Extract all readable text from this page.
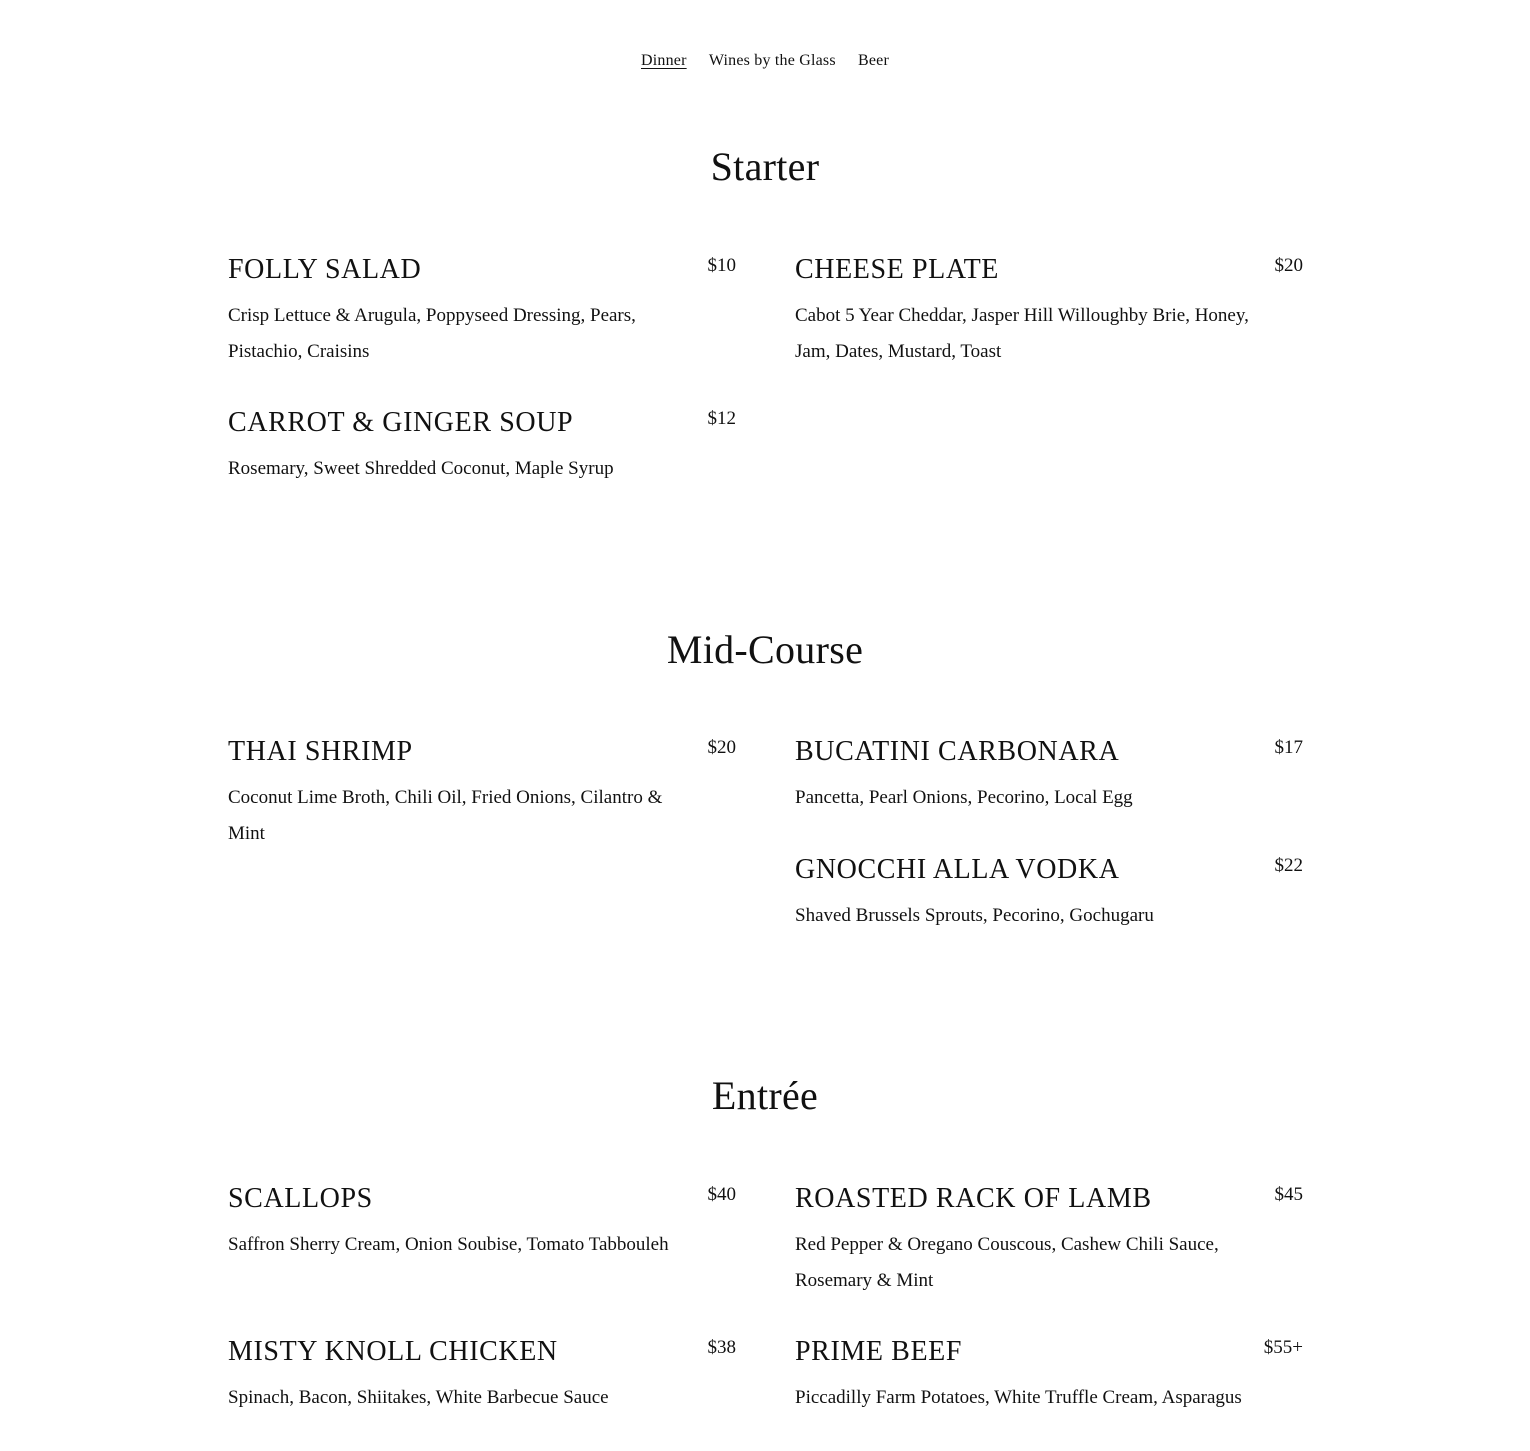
Dinner Wines by the Glass Beer
Starter
FOLLY SALAD	$10
Crisp Lettuce & Arugula, Poppyseed Dressing, Pears, Pistachio, Craisins
CHEESE PLATE	$20
Cabot 5 Year Cheddar, Jasper Hill Willoughby Brie, Honey, Jam, Dates, Mustard, Toast
CARROT & GINGER SOUP	$12
Rosemary, Sweet Shredded Coconut, Maple Syrup
Mid-Course
THAI SHRIMP	$20
Coconut Lime Broth, Chili Oil, Fried Onions, Cilantro & Mint
BUCATINI CARBONARA	$17
Pancetta, Pearl Onions, Pecorino, Local Egg
GNOCCHI ALLA VODKA	$22
Shaved Brussels Sprouts, Pecorino, Gochugaru
Entrée
SCALLOPS	$40
Saffron Sherry Cream, Onion Soubise, Tomato Tabbouleh
ROASTED RACK OF LAMB	$45
Red Pepper & Oregano Couscous, Cashew Chili Sauce, Rosemary & Mint
MISTY KNOLL CHICKEN	$38
Spinach, Bacon, Shiitakes, White Barbecue Sauce
PRIME BEEF	$55+
Piccadilly Farm Potatoes, White Truffle Cream, Asparagus
